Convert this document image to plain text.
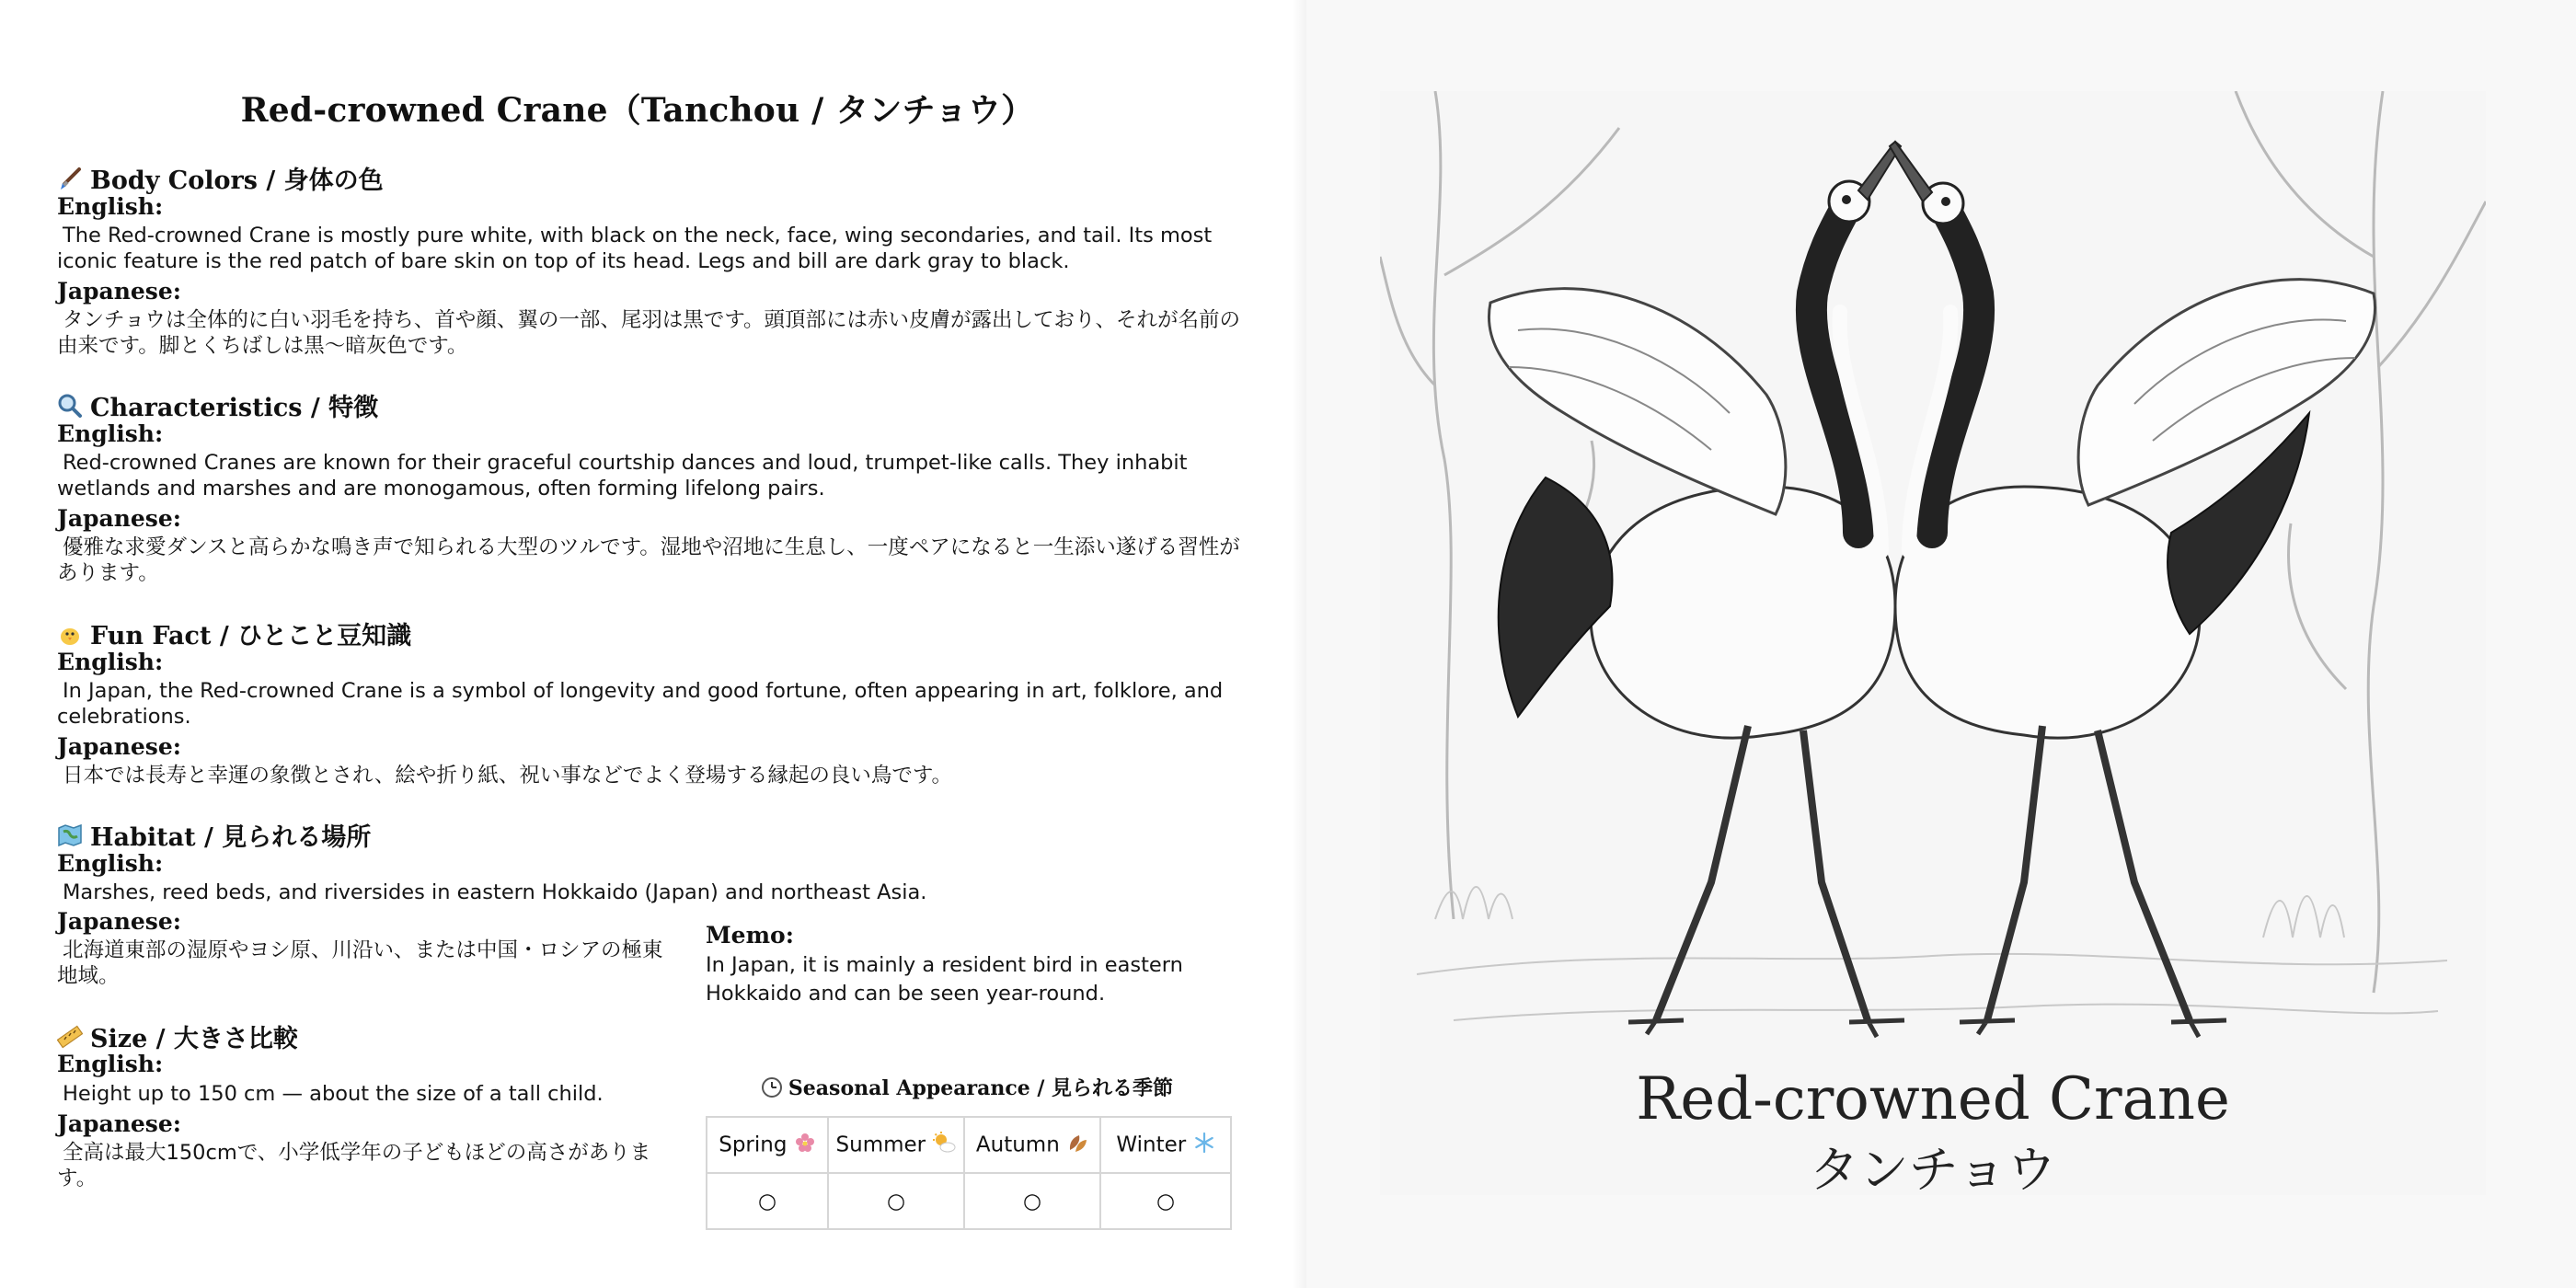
Red-crowned Crane（Tanchou / タンチョウ）
Body Colors / 身体の色
English:
The Red-crowned Crane is mostly pure white, with black on the neck, face, wing secondaries, and tail. Its most iconic feature is the red patch of bare skin on top of its head. Legs and bill are dark gray to black.
Japanese:
タンチョウは全体的に白い羽毛を持ち、首や顔、翼の一部、尾羽は黒です。頭頂部には赤い皮膚が露出しており、それが名前の由来です。脚とくちばしは黒〜暗灰色です。
Characteristics / 特徴
English:
Red-crowned Cranes are known for their graceful courtship dances and loud, trumpet-like calls. They inhabit wetlands and marshes and are monogamous, often forming lifelong pairs.
Japanese:
優雅な求愛ダンスと高らかな鳴き声で知られる大型のツルです。湿地や沼地に生息し、一度ペアになると一生添い遂げる習性があります。
Fun Fact / ひとこと豆知識
English:
In Japan, the Red-crowned Crane is a symbol of longevity and good fortune, often appearing in art, folklore, and celebrations.
Japanese:
日本では長寿と幸運の象徴とされ、絵や折り紙、祝い事などでよく登場する縁起の良い鳥です。
Habitat / 見られる場所
English:
Marshes, reed beds, and riversides in eastern Hokkaido (Japan) and northeast Asia.
Japanese:
北海道東部の湿原やヨシ原、川沿い、または中国・ロシアの極東地域。
Size / 大きさ比較
English:
Height up to 150 cm — about the size of a tall child.
Japanese:
全高は最大150cmで、小学低学年の子どもほどの高さがあります。
Memo:
In Japan, it is mainly a resident bird in eastern Hokkaido and can be seen year-round.
Seasonal Appearance / 見られる季節
Spring	Summer	Autumn	Winter
○	○	○	○
Red-crowned Crane
タンチョウ
